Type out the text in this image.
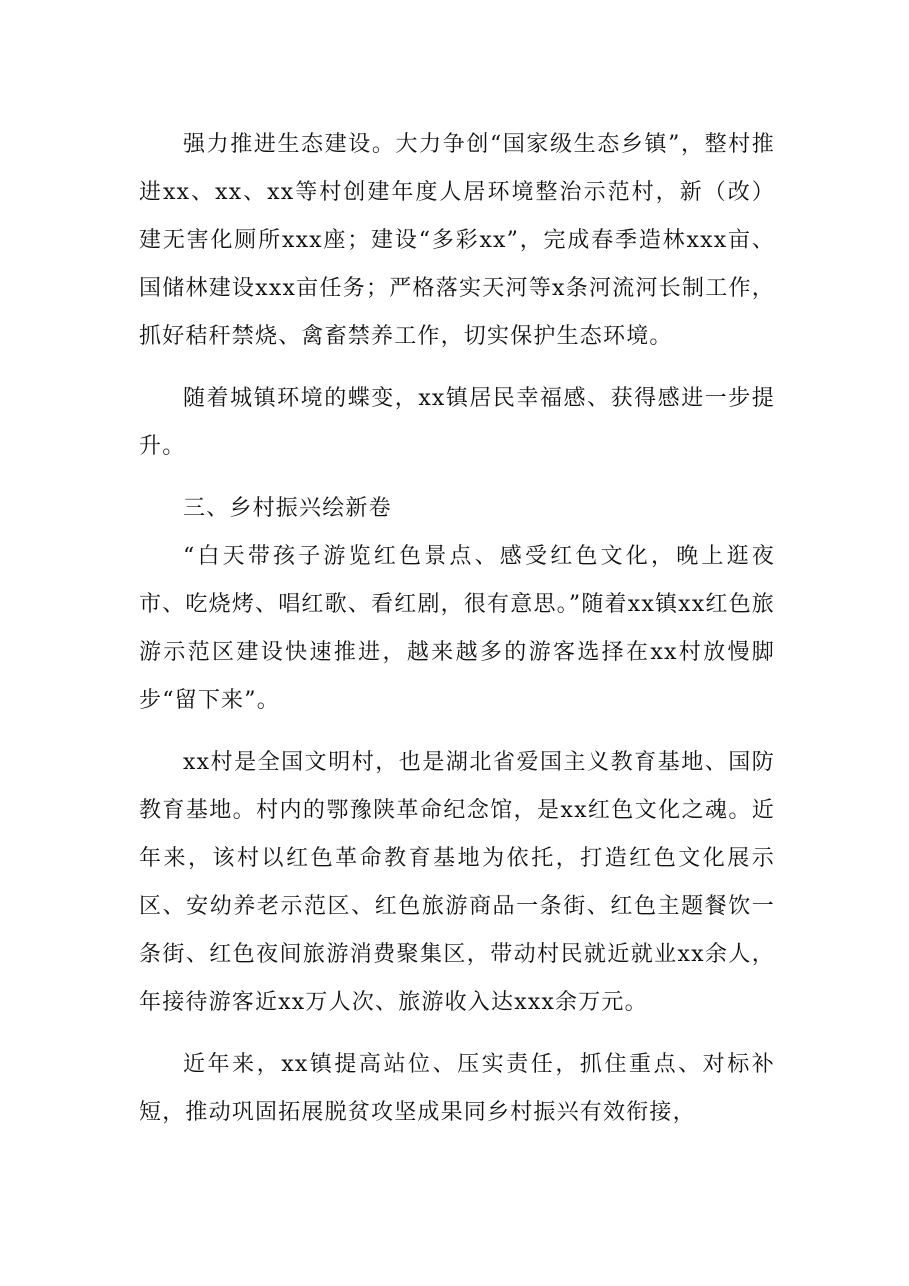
强力推进生态建设。大力争创“国家级生态乡镇”，整村推进xx、xx、xx等村创建年度人居环境整治示范村，新（改）建无害化厕所xxx座；建设“多彩xx”，完成春季造林xxx亩、国储林建设xxx亩任务；严格落实天河等x条河流河长制工作，抓好秸秆禁烧、禽畜禁养工作，切实保护生态环境。

随着城镇环境的蝶变，xx镇居民幸福感、获得感进一步提升。

三、乡村振兴绘新卷

“白天带孩子游览红色景点、感受红色文化，晚上逛夜市、吃烧烤、唱红歌、看红剧，很有意思。”随着xx镇xx红色旅游示范区建设快速推进，越来越多的游客选择在xx村放慢脚步“留下来”。

xx村是全国文明村，也是湖北省爱国主义教育基地、国防教育基地。村内的鄂豫陕革命纪念馆，是xx红色文化之魂。近年来，该村以红色革命教育基地为依托，打造红色文化展示区、安幼养老示范区、红色旅游商品一条街、红色主题餐饮一条街、红色夜间旅游消费聚集区，带动村民就近就业xx余人，年接待游客近xx万人次、旅游收入达xxx余万元。

近年来，xx镇提高站位、压实责任，抓住重点、对标补短，推动巩固拓展脱贫攻坚成果同乡村振兴有效衔接，
